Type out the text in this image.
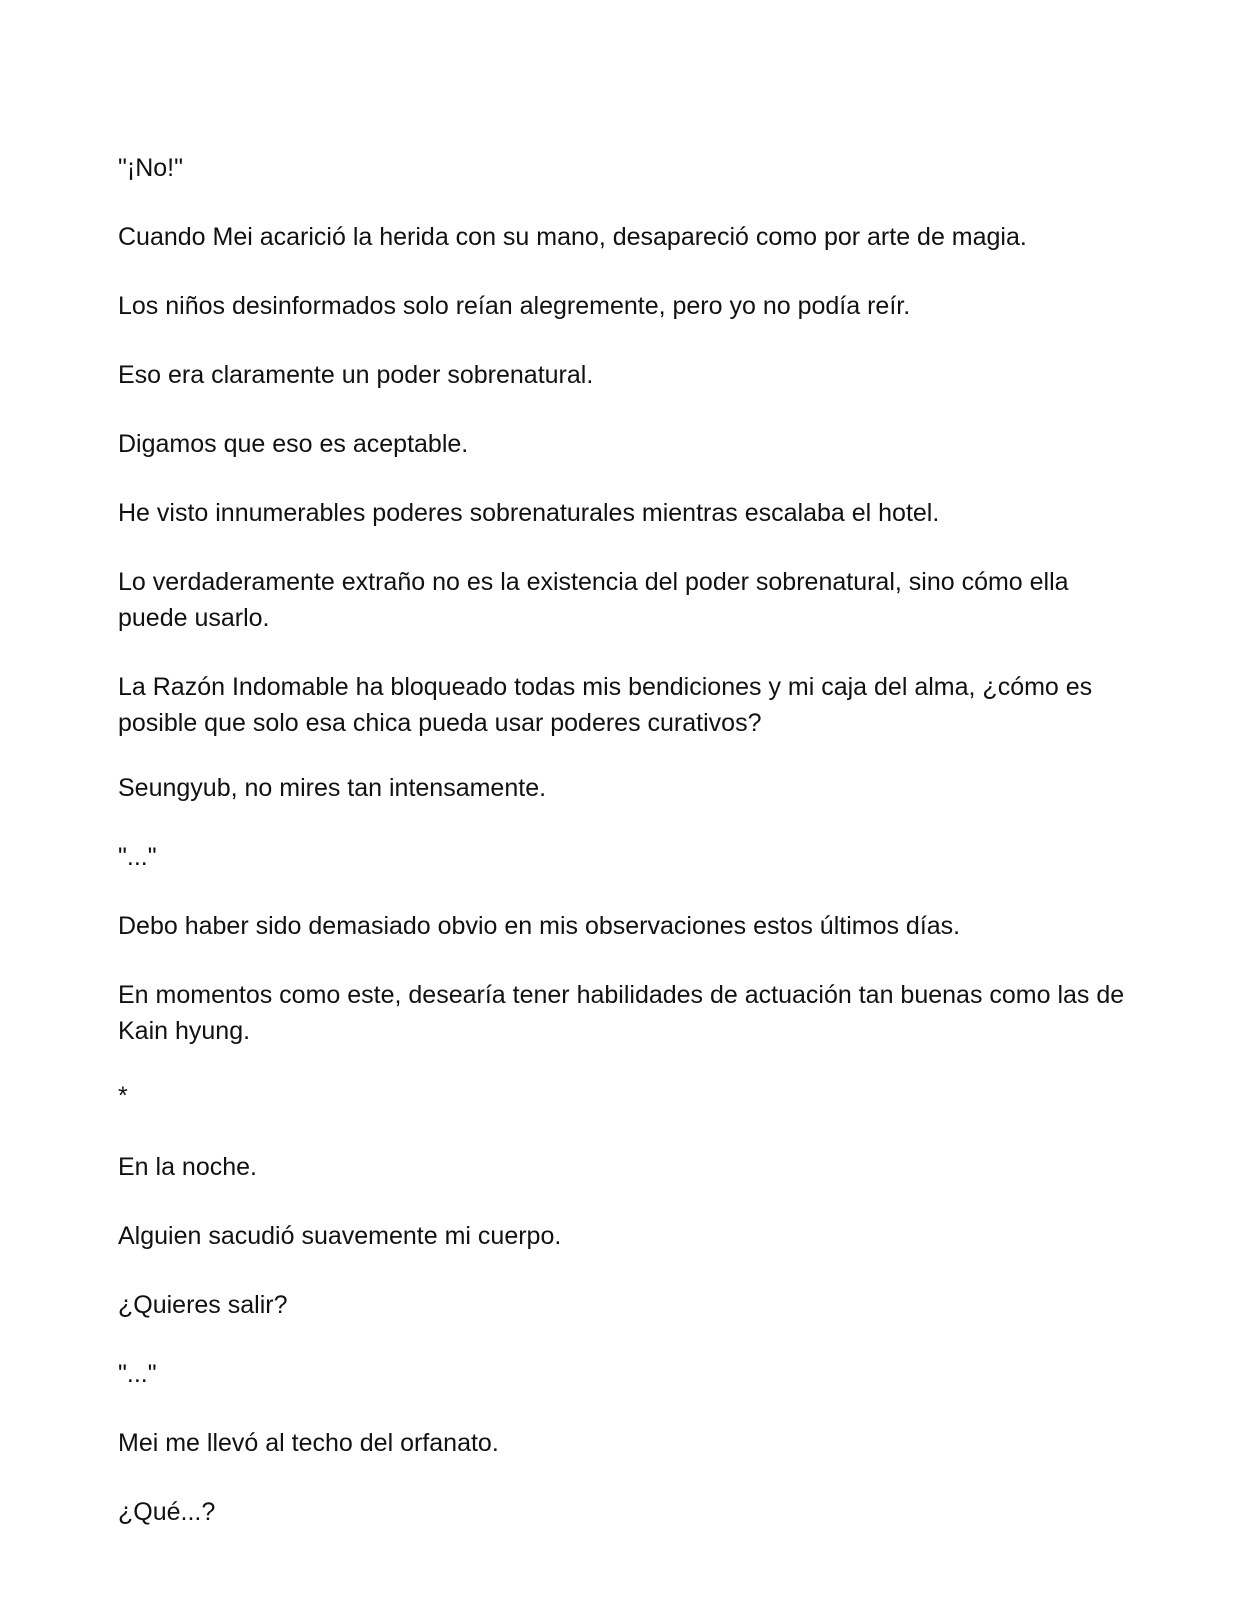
"¡No!"

Cuando Mei acarició la herida con su mano, desapareció como por arte de magia.

Los niños desinformados solo reían alegremente, pero yo no podía reír.

Eso era claramente un poder sobrenatural.

Digamos que eso es aceptable.

He visto innumerables poderes sobrenaturales mientras escalaba el hotel.

Lo verdaderamente extraño no es la existencia del poder sobrenatural, sino cómo ella puede usarlo.

La Razón Indomable ha bloqueado todas mis bendiciones y mi caja del alma, ¿cómo es posible que solo esa chica pueda usar poderes curativos?

Seungyub, no mires tan intensamente.

"..."

Debo haber sido demasiado obvio en mis observaciones estos últimos días.

En momentos como este, desearía tener habilidades de actuación tan buenas como las de Kain hyung.

*

En la noche.

Alguien sacudió suavemente mi cuerpo.

¿Quieres salir?

"..."

Mei me llevó al techo del orfanato.

¿Qué...?
